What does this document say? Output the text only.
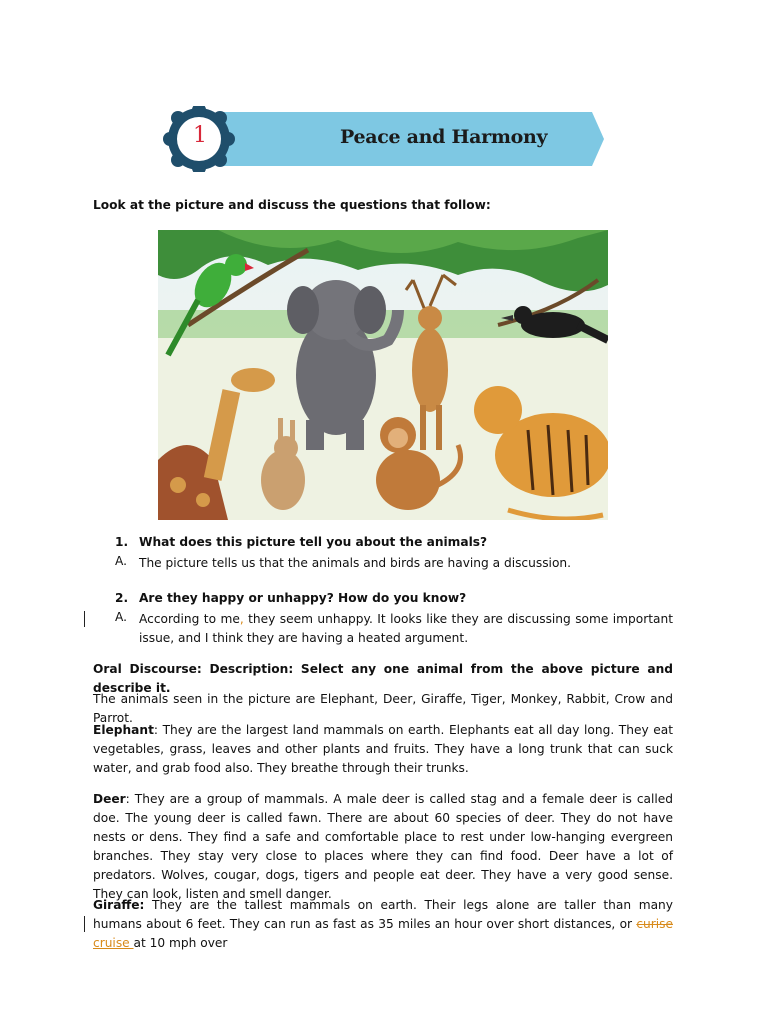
1	Peace and Harmony
Look at the picture and discuss the questions that follow:
1. What does this picture tell you about the animals?
A. The picture tells us that the animals and birds are having a discussion.
2. Are they happy or unhappy? How do you know?
A. According to me, they seem unhappy. It looks like they are discussing some important issue, and I think they are having a heated argument.
Oral Discourse: Description: Select any one animal from the above picture and describe it.
The animals seen in the picture are Elephant, Deer, Giraffe, Tiger, Monkey, Rabbit, Crow and Parrot.
Elephant: They are the largest land mammals on earth. Elephants eat all day long. They eat vegetables, grass, leaves and other plants and fruits. They have a long trunk that can suck water, and grab food also. They breathe through their trunks.
Deer: They are a group of mammals. A male deer is called stag and a female deer is called doe. The young deer is called fawn. There are about 60 species of deer. They do not have nests or dens. They find a safe and comfortable place to rest under low-hanging evergreen branches. They stay very close to places where they can find food. Deer have a lot of predators. Wolves, cougar, dogs, tigers and people eat deer. They have a very good sense. They can look, listen and smell danger.
Giraffe: They are the tallest mammals on earth. Their legs alone are taller than many humans about 6 feet. They can run as fast as 35 miles an hour over short distances, or curise cruise at 10 mph over
